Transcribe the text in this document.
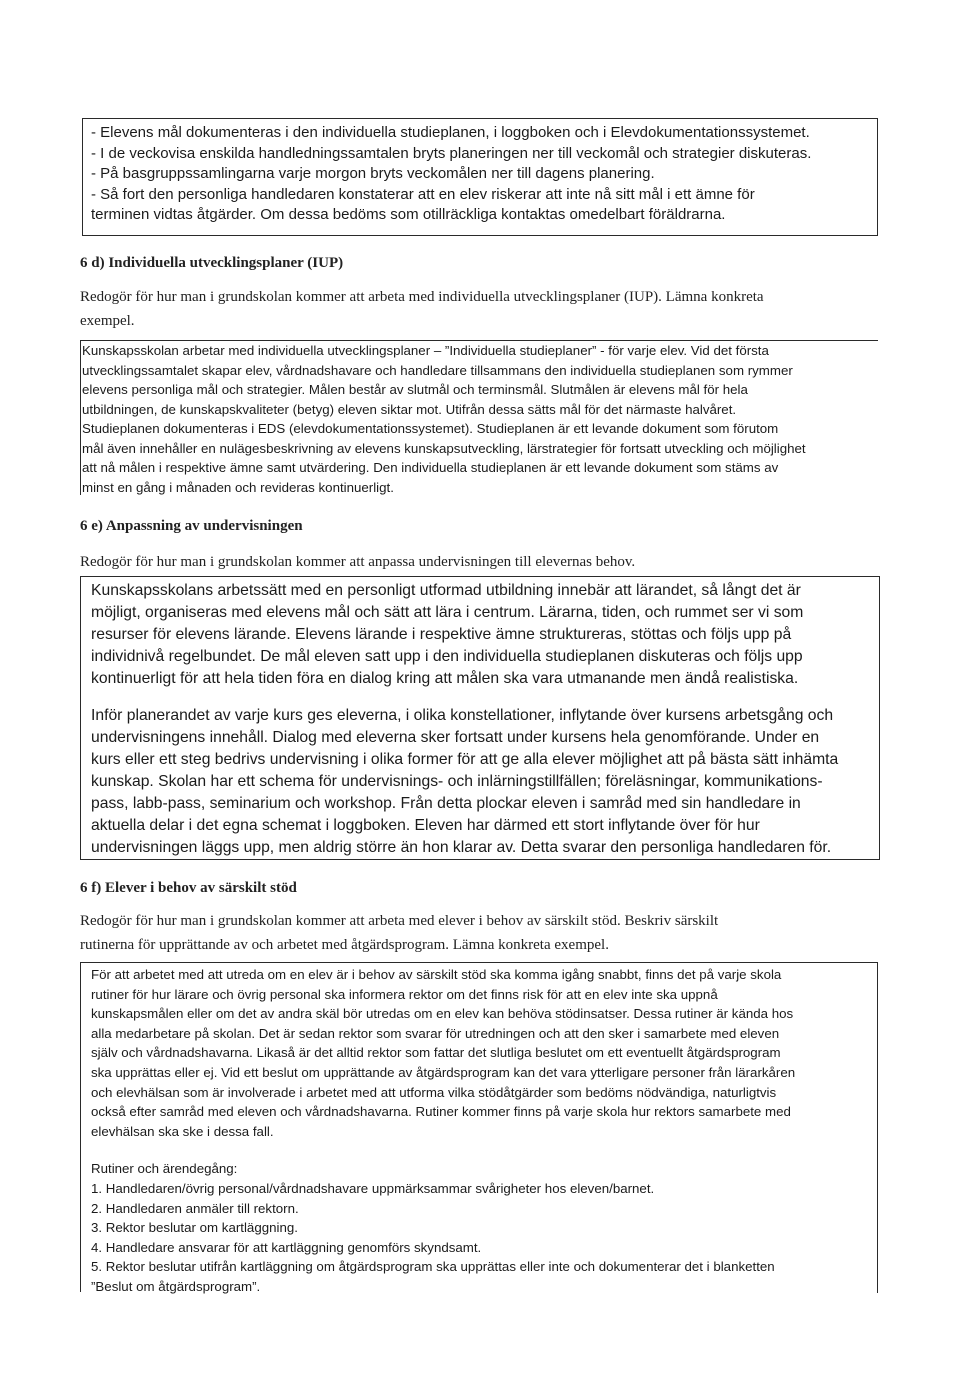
- Elevens mål dokumenteras i den individuella studieplanen, i loggboken och i Elevdokumentationssystemet.
- I de veckovisa enskilda handledningssamtalen bryts planeringen ner till veckomål och strategier diskuteras.
- På basgruppssamlingarna varje morgon bryts veckomålen ner till dagens planering.
- Så fort den personliga handledaren konstaterar att en elev riskerar att inte nå sitt mål i ett ämne för
terminen vidtas åtgärder. Om dessa bedöms som otillräckliga kontaktas omedelbart föräldrarna.
6 d) Individuella utvecklingsplaner (IUP)
Redogör för hur man i grundskolan kommer att arbeta med individuella utvecklingsplaner (IUP). Lämna konkreta
exempel.
Kunskapsskolan arbetar med individuella utvecklingsplaner – ”Individuella studieplaner” - för varje elev. Vid det första
utvecklingssamtalet skapar elev, vårdnadshavare och handledare tillsammans den individuella studieplanen som rymmer
elevens personliga mål och strategier. Målen består av slutmål och terminsmål. Slutmålen är elevens mål för hela
utbildningen, de kunskapskvaliteter (betyg) eleven siktar mot. Utifrån dessa sätts mål för det närmaste halvåret.
Studieplanen dokumenteras i EDS (elevdokumentationssystemet). Studieplanen är ett levande dokument som förutom
mål även innehåller en nulägesbeskrivning av elevens kunskapsutveckling, lärstrategier för fortsatt utveckling och möjlighet
att nå målen i respektive ämne samt utvärdering. Den individuella studieplanen är ett levande dokument som stäms av
minst en gång i månaden och revideras kontinuerligt.
6 e) Anpassning av undervisningen
Redogör för hur man i grundskolan kommer att anpassa undervisningen till elevernas behov.
Kunskapsskolans arbetssätt med en personligt utformad utbildning innebär att lärandet, så långt det är
möjligt, organiseras med elevens mål och sätt att lära i centrum. Lärarna, tiden, och rummet ser vi som
resurser för elevens lärande. Elevens lärande i respektive ämne struktureras, stöttas och följs upp på
individnivå regelbundet. De mål eleven satt upp i den individuella studieplanen diskuteras och följs upp
kontinuerligt för att hela tiden föra en dialog kring att målen ska vara utmanande men ändå realistiska.
Inför planerandet av varje kurs ges eleverna, i olika konstellationer, inflytande över kursens arbetsgång och
undervisningens innehåll. Dialog med eleverna sker fortsatt under kursens hela genomförande. Under en
kurs eller ett steg bedrivs undervisning i olika former för att ge alla elever möjlighet att på bästa sätt inhämta
kunskap. Skolan har ett schema för undervisnings- och inlärningstillfällen; föreläsningar, kommunikations-
pass, labb-pass, seminarium och workshop. Från detta plockar eleven i samråd med sin handledare in
aktuella delar i det egna schemat i loggboken. Eleven har därmed ett stort inflytande över för hur
undervisningen läggs upp, men aldrig större än hon klarar av. Detta svarar den personliga handledaren för.
6 f) Elever i behov av särskilt stöd
Redogör för hur man i grundskolan kommer att arbeta med elever i behov av särskilt stöd. Beskriv särskilt
rutinerna för upprättande av och arbetet med åtgärdsprogram. Lämna konkreta exempel.
För att arbetet med att utreda om en elev är i behov av särskilt stöd ska komma igång snabbt, finns det på varje skola
rutiner för hur lärare och övrig personal ska informera rektor om det finns risk för att en elev inte ska uppnå
kunskapsmålen eller om det av andra skäl bör utredas om en elev kan behöva stödinsatser. Dessa rutiner är kända hos
alla medarbetare på skolan. Det är sedan rektor som svarar för utredningen och att den sker i samarbete med eleven
själv och vårdnadshavarna. Likaså är det alltid rektor som fattar det slutliga beslutet om ett eventuellt åtgärdsprogram
ska upprättas eller ej. Vid ett beslut om upprättande av åtgärdsprogram kan det vara ytterligare personer från lärarkåren
och elevhälsan som är involverade i arbetet med att utforma vilka stödåtgärder som bedöms nödvändiga, naturligtvis
också efter samråd med eleven och vårdnadshavarna. Rutiner kommer finns på varje skola hur rektors samarbete med
elevhälsan ska ske i dessa fall.
Rutiner och ärendegång:
1. Handledaren/övrig personal/vårdnadshavare uppmärksammar svårigheter hos eleven/barnet.
2. Handledaren anmäler till rektorn.
3. Rektor beslutar om kartläggning.
4. Handledare ansvarar för att kartläggning genomförs skyndsamt.
5. Rektor beslutar utifrån kartläggning om åtgärdsprogram ska upprättas eller inte och dokumenterar det i blanketten
”Beslut om åtgärdsprogram”.
